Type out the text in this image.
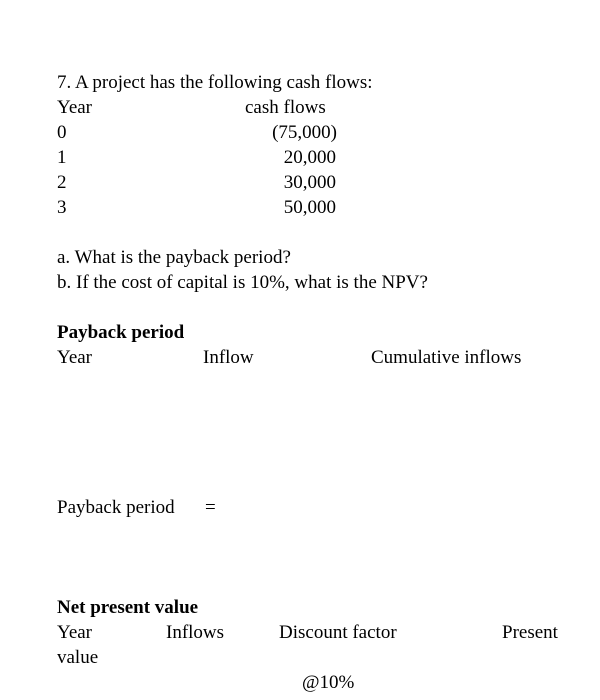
7. A project has the following cash flows:
Year	cash flows
0	(75,000)
1	20,000
2	30,000
3	50,000
a. What is the payback period?
b. If the cost of capital is 10%, what is the NPV?
Payback period
Year	Inflow	Cumulative inflows
Payback period =
Net present value
Year	Inflows	Discount factor	Present
value
@10%
